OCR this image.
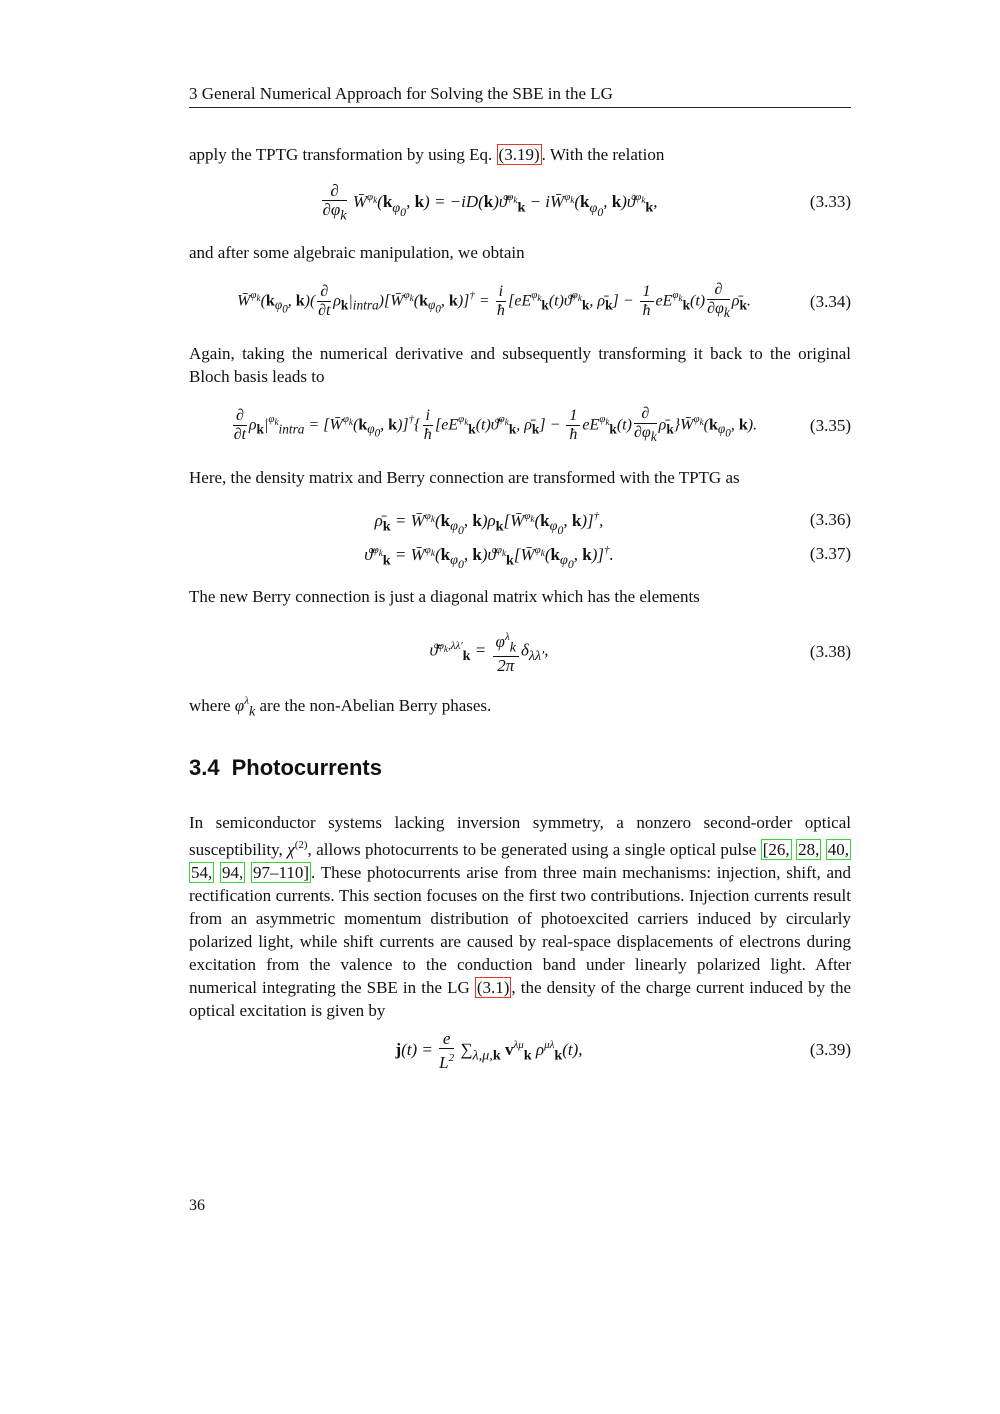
3 General Numerical Approach for Solving the SBE in the LG

apply the TPTG transformation by using Eq. (3.19) . With the relation

$\frac{\partial}{\partial\varphi_k}$ $W̄^{\varphi_k}(k_{\varphi_0}$, k) = −iD(k)ϑ̄$^{\varphi_k}_k$ − $iW̄^{\varphi_k}(k_{\varphi_0}$, $k)ϑ^{\varphi_k}_k$,	(3.33)

and after some algebraic manipulation, we obtain

$W̄^{\varphi_k}(k_{\varphi_0}$, $k)( \frac{\partial}{\partial t}$ $\rho_k|_{intra})[W̄^{\varphi_k}(k_{\varphi_0}$, $k)]^\dagger = \frac{i}{ħ}$ [$eE^{\varphi_k}_k(t)ϑ̄^{\varphi_k}_k$, $\rhō_k] - \frac{1}{ħ} eE^{\varphi_k}_k(t) \frac{\partial}{\partial\varphi_k}$ $\rhō_k$.	(3.34)

Again, taking the numerical derivative and subsequently transforming it back to the original Bloch basis leads to

$\frac{\partial}{\partial t} \rho_k|^{\varphi_k}_{intra}$ = [$W̄^{\varphi_k}(k_{\varphi_0}$, $k)]^\dagger\{ \frac{i}{ħ}$ [$eE^{\varphi_k}_k(t)ϑ̄^{\varphi_k}_k$, $\rhō_k] - \frac{1}{ħ} eE^{\varphi_k}_k(t) \frac{\partial}{\partial\varphi_k}$ $\rhō_k\}W̄^{\varphi_k}(k_{\varphi_0}$, k).	(3.35)

Here, the density matrix and Berry connection are transformed with the TPTG as

$\rhō_k$ = $W̄^{\varphi_k}(k_{\varphi_0}$, $k)\rho_k[W̄^{\varphi_k}(k_{\varphi_0}$, k)]†,	(3.36)
ϑ̄$^{\varphi_k}_k$ = $W̄^{\varphi_k}(k_{\varphi_0}$, $k)ϑ^{\varphi_k}_k[W̄^{\varphi_k}(k_{\varphi_0}$, k)]†.	(3.37)

The new Berry connection is just a diagonal matrix which has the elements

ϑ̄$^{\varphi_k,\lambda\lambda'}_k$ = $\frac{\varphi^\lambda_k}{2\pi} \delta_{\lambda\lambda'}$,	(3.38)

where $\varphi^\lambda_k$ are the non-Abelian Berry phases.

3.4 Photocurrents

In semiconductor systems lacking inversion symmetry, a nonzero second-order optical susceptibility, $\chi^{(2)}$, allows photocurrents to be generated using a single optical pulse [26, 28, 40, 54, 94, 97–110] . These photocurrents arise from three main mechanisms: injection, shift, and rectification currents. This section focuses on the first two contributions. Injection currents result from an asymmetric momentum distribution of photoexcited carriers induced by circularly polarized light, while shift currents are caused by real-space displacements of electrons during excitation from the valence to the conduction band under linearly polarized light. After numerical integrating the SBE in the LG (3.1) , the density of the charge current induced by the optical excitation is given by

$j(t) = \frac{e}{L^2} \sum_{\lambda,\mu,k}$ $v^{\lambda\mu}_k$ $\rho^{\mu\lambda}_k(t)$,	(3.39)
36
